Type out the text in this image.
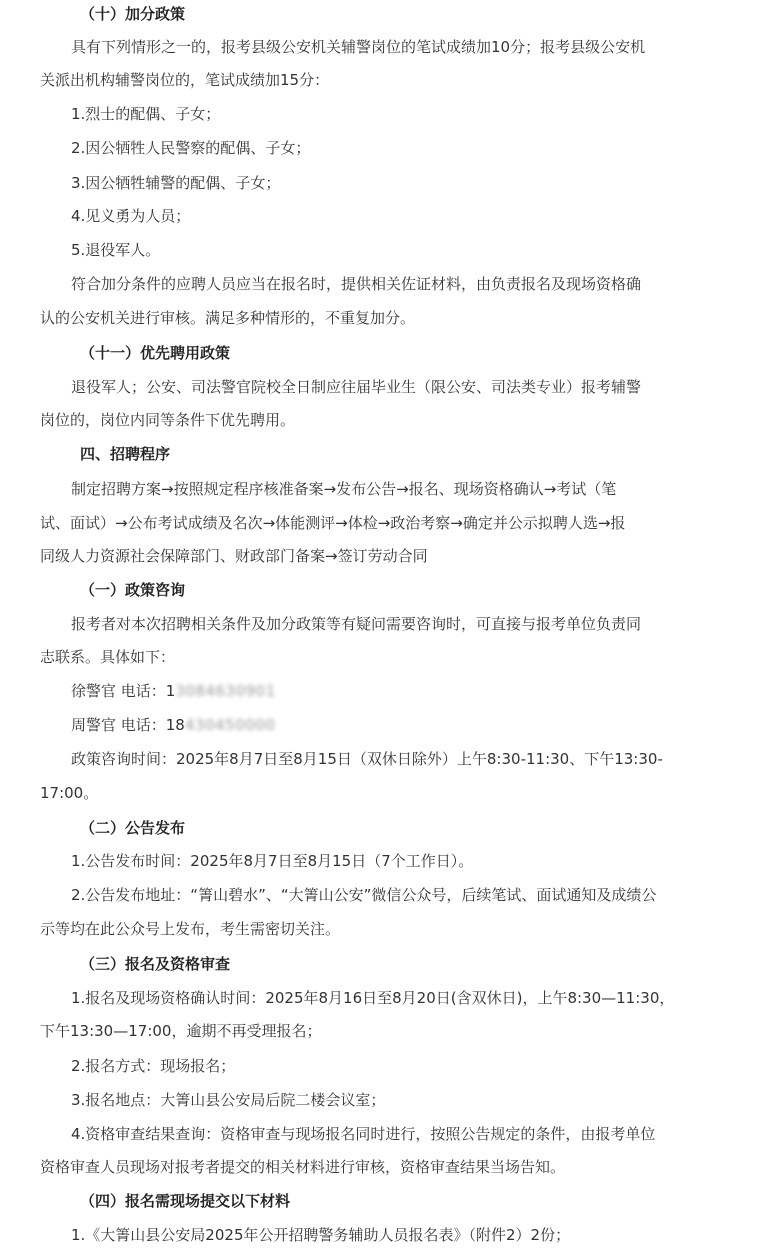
（十）加分政策
具有下列情形之一的，报考县级公安机关辅警岗位的笔试成绩加10分；报考县级公安机
关派出机构辅警岗位的，笔试成绩加15分：
1.烈士的配偶、子女；
2.因公牺牲人民警察的配偶、子女；
3.因公牺牲辅警的配偶、子女；
4.见义勇为人员；
5.退役军人。
符合加分条件的应聘人员应当在报名时，提供相关佐证材料，由负责报名及现场资格确
认的公安机关进行审核。满足多种情形的，不重复加分。
（十一）优先聘用政策
退役军人；公安、司法警官院校全日制应往届毕业生（限公安、司法类专业）报考辅警
岗位的，岗位内同等条件下优先聘用。
四、招聘程序
制定招聘方案→按照规定程序核准备案→发布公告→报名、现场资格确认→考试（笔
试、面试）→公布考试成绩及名次→体能测评→体检→政治考察→确定并公示拟聘人选→报
同级人力资源社会保障部门、财政部门备案→签订劳动合同
（一）政策咨询
报考者对本次招聘相关条件及加分政策等有疑问需要咨询时，可直接与报考单位负责同
志联系。具体如下：
徐警官 电话：13084630901
周警官 电话：18430450000
政策咨询时间：2025年8月7日至8月15日（双休日除外）上午8:30-11:30、下午13:30-
17:00。
（二）公告发布
1.公告发布时间：2025年8月7日至8月15日（7个工作日）。
2.公告发布地址：“箐山碧水”、“大箐山公安”微信公众号，后续笔试、面试通知及成绩公
示等均在此公众号上发布，考生需密切关注。
（三）报名及资格审查
1.报名及现场资格确认时间：2025年8月16日至8月20日(含双休日)，上午8:30—11:30，
下午13:30—17:00，逾期不再受理报名；
2.报名方式：现场报名；
3.报名地点：大箐山县公安局后院二楼会议室；
4.资格审查结果查询：资格审查与现场报名同时进行，按照公告规定的条件，由报考单位
资格审查人员现场对报考者提交的相关材料进行审核，资格审查结果当场告知。
（四）报名需现场提交以下材料
1.《大箐山县公安局2025年公开招聘警务辅助人员报名表》（附件2）2份；
